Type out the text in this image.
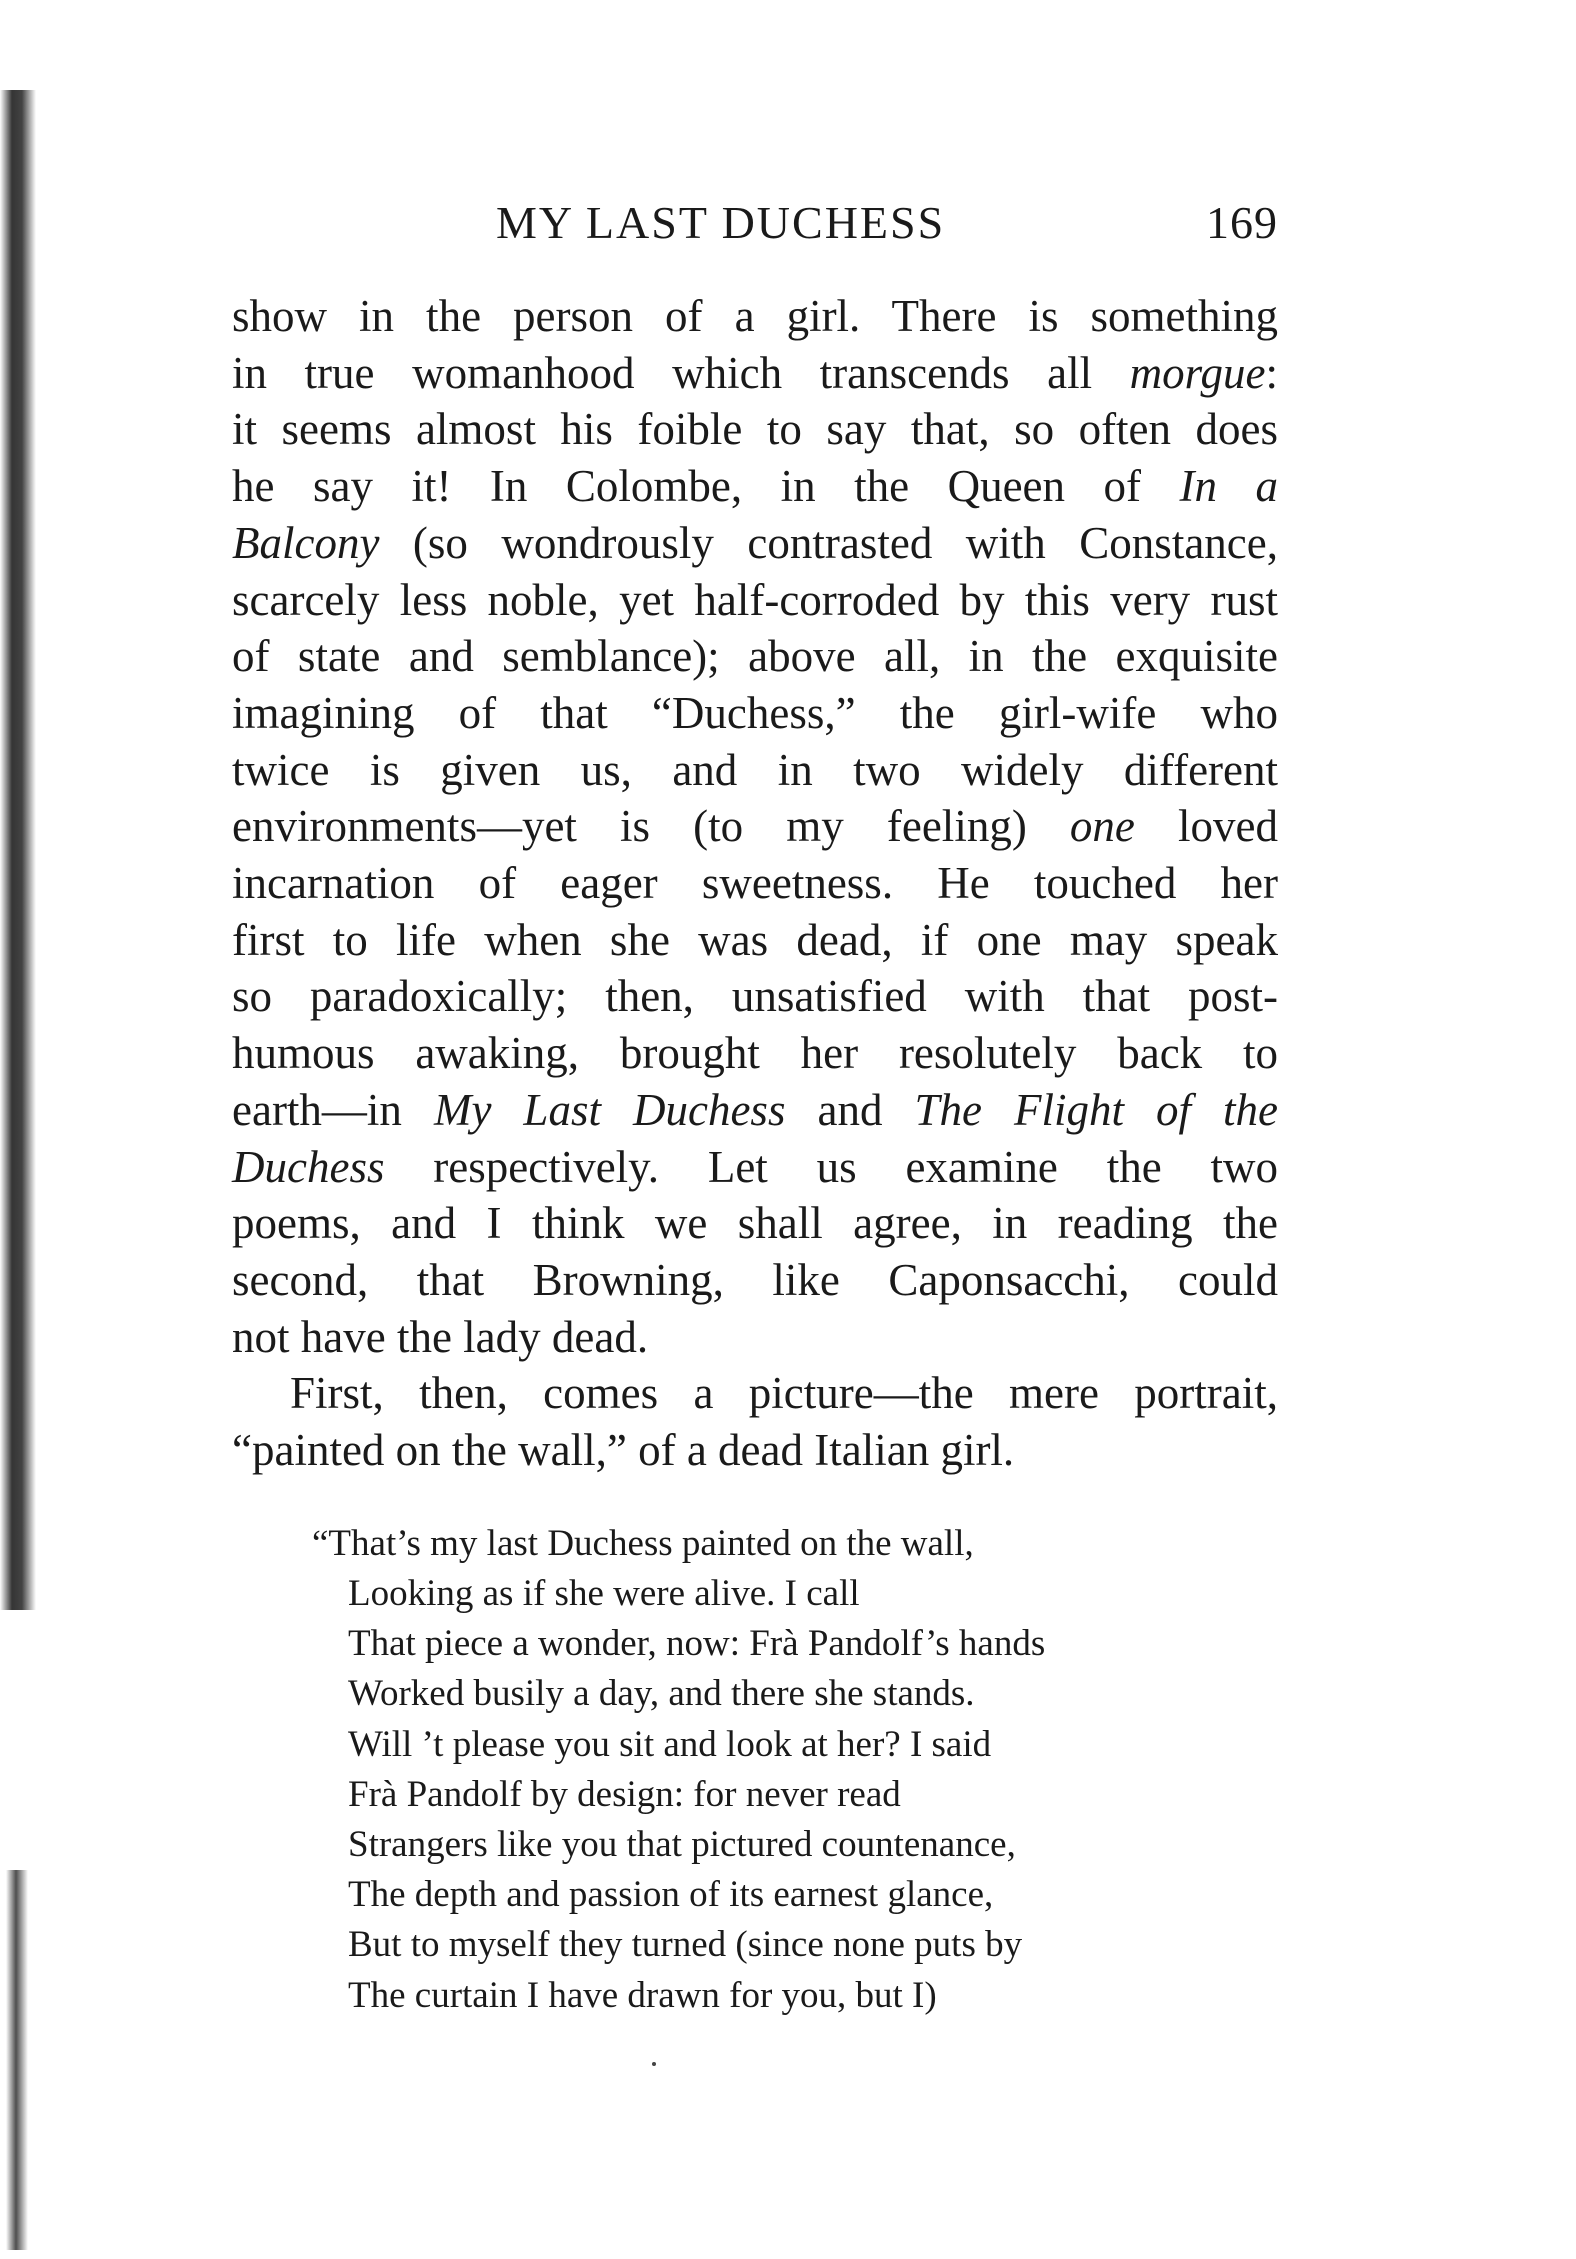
MY LAST DUCHESS	169
show in the person of a girl. There is something
in true womanhood which transcends all morgue:
it seems almost his foible to say that, so often does
he say it! In Colombe, in the Queen of In a
Balcony (so wondrously contrasted with Constance,
scarcely less noble, yet half-corroded by this very rust
of state and semblance); above all, in the exquisite
imagining of that “Duchess,” the girl-wife who
twice is given us, and in two widely different
environments—yet is (to my feeling) one loved
incarnation of eager sweetness. He touched her
first to life when she was dead, if one may speak
so paradoxically; then, unsatisfied with that post-
humous awaking, brought her resolutely back to
earth—in My Last Duchess and The Flight of the
Duchess respectively. Let us examine the two
poems, and I think we shall agree, in reading the
second, that Browning, like Caponsacchi, could
not have the lady dead.
First, then, comes a picture—the mere portrait,
“painted on the wall,” of a dead Italian girl.
“That’s my last Duchess painted on the wall,
Looking as if she were alive. I call
That piece a wonder, now: Frà Pandolf’s hands
Worked busily a day, and there she stands.
Will ’t please you sit and look at her? I said
Frà Pandolf by design: for never read
Strangers like you that pictured countenance,
The depth and passion of its earnest glance,
But to myself they turned (since none puts by
The curtain I have drawn for you, but I)
